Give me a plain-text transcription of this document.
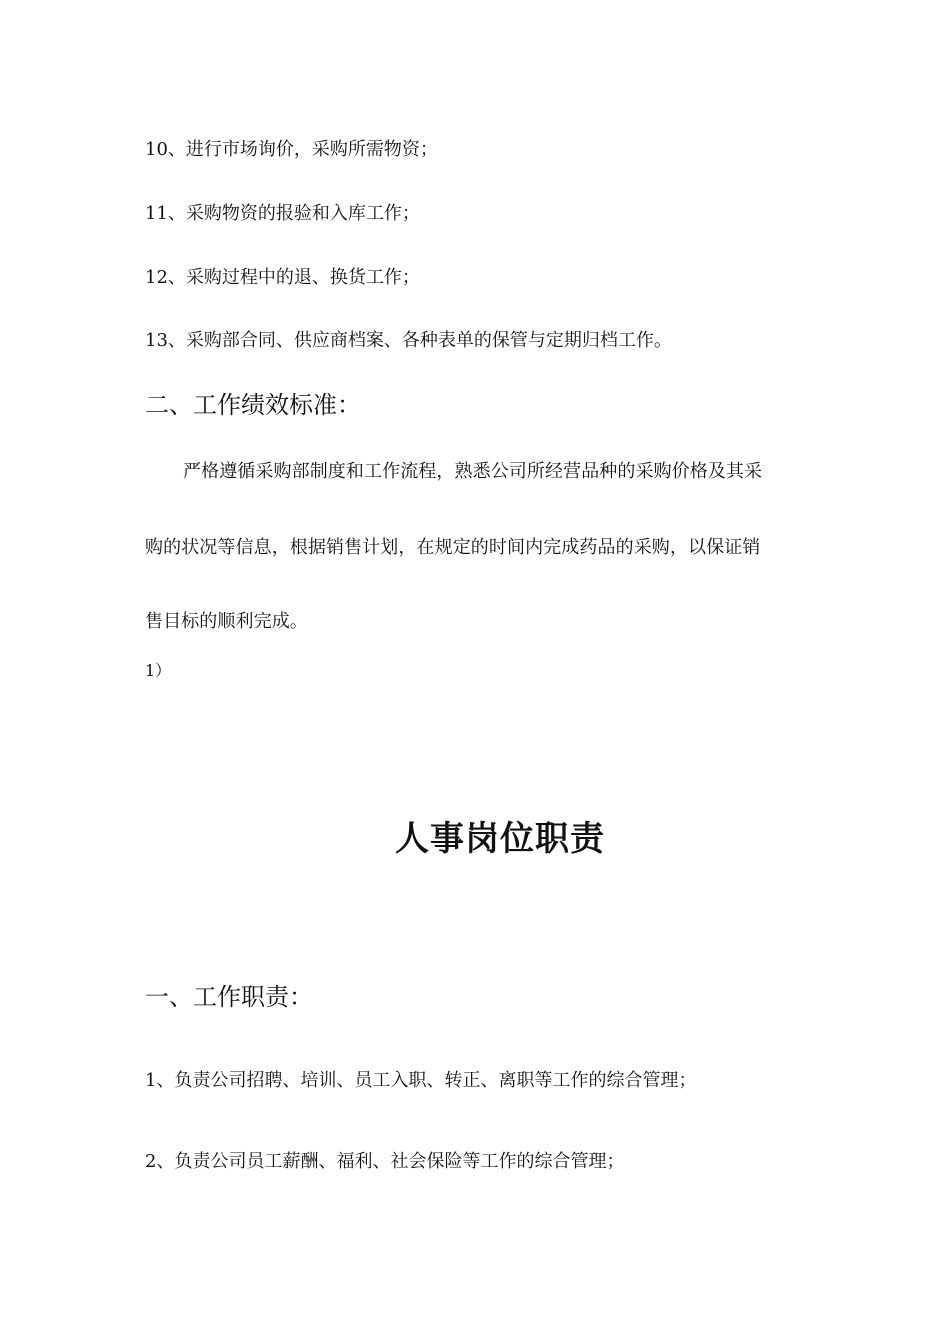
10、进行市场询价，采购所需物资；

11、采购物资的报验和入库工作；

12、采购过程中的退、换货工作；

13、采购部合同、供应商档案、各种表单的保管与定期归档工作。

二、工作绩效标准：

严格遵循采购部制度和工作流程，熟悉公司所经营品种的采购价格及其采

购的状况等信息，根据销售计划，在规定的时间内完成药品的采购，以保证销

售目标的顺利完成。

1）

人事岗位职责
一、工作职责：

1、负责公司招聘、培训、员工入职、转正、离职等工作的综合管理；

2、负责公司员工薪酬、福利、社会保险等工作的综合管理；
